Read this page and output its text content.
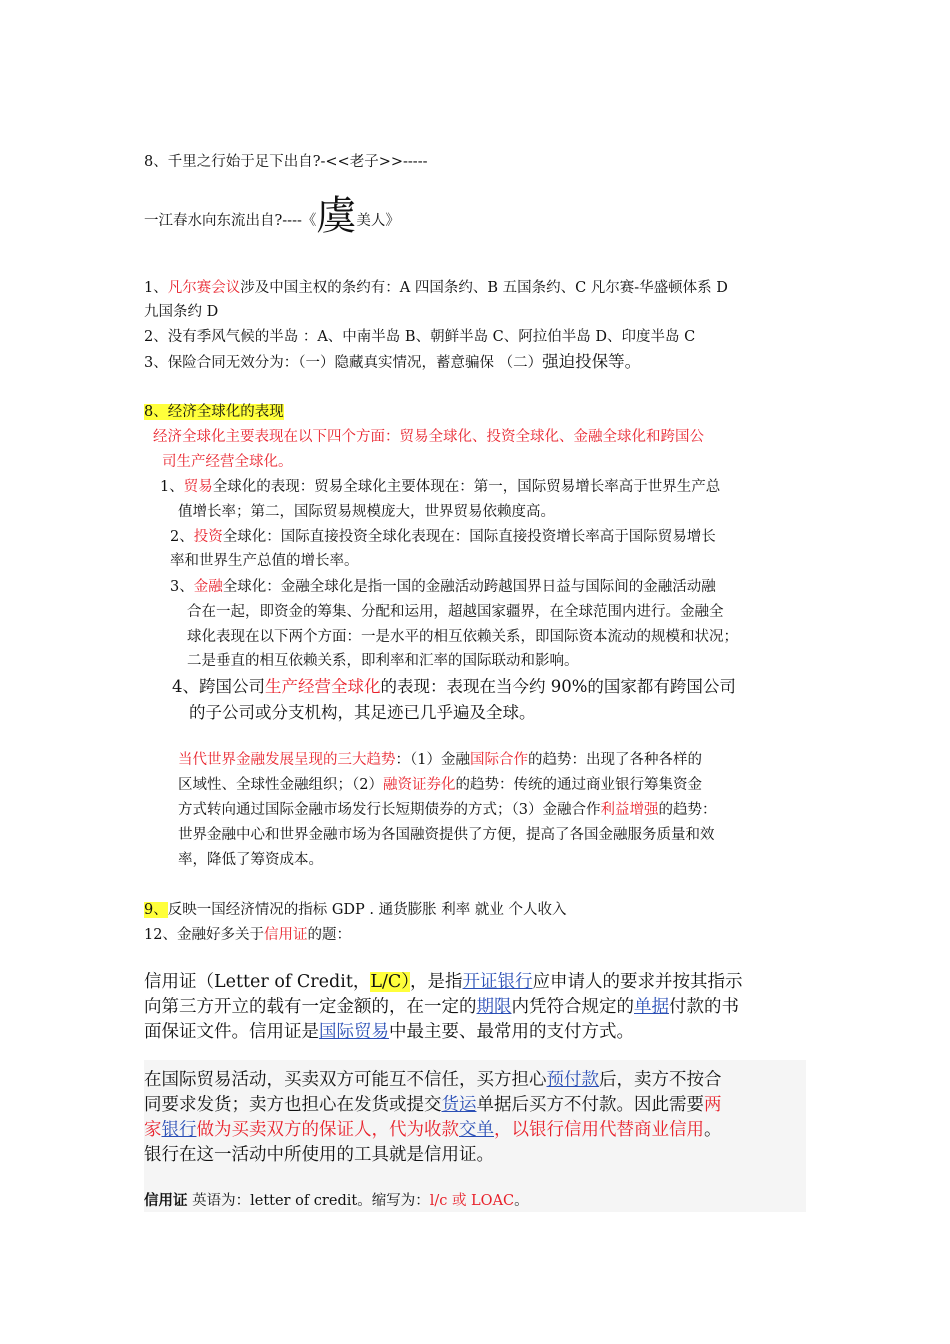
8、千里之行始于足下出自?-<<老子>>-----
一江春水向东流出自?----《虞美人》
1、凡尔赛会议涉及中国主权的条约有：A 四国条约、B 五国条约、C 凡尔赛-华盛顿体系 D
九国条约 D
2、没有季风气候的半岛 ：A、中南半岛 B、朝鲜半岛 C、阿拉伯半岛 D、印度半岛 C
3、保险合同无效分为：（一）隐藏真实情况，蓄意骗保 （二）强迫投保等。
8、经济全球化的表现
经济全球化主要表现在以下四个方面：贸易全球化、投资全球化、金融全球化和跨国公
司生产经营全球化。
1、贸易全球化的表现：贸易全球化主要体现在：第一，国际贸易增长率高于世界生产总
值增长率；第二，国际贸易规模庞大，世界贸易依赖度高。
2、投资全球化：国际直接投资全球化表现在：国际直接投资增长率高于国际贸易增长
率和世界生产总值的增长率。
3、金融全球化：金融全球化是指一国的金融活动跨越国界日益与国际间的金融活动融
合在一起，即资金的筹集、分配和运用，超越国家疆界，在全球范围内进行。金融全
球化表现在以下两个方面：一是水平的相互依赖关系，即国际资本流动的规模和状况；
二是垂直的相互依赖关系，即利率和汇率的国际联动和影响。
4、跨国公司生产经营全球化的表现：表现在当今约 90%的国家都有跨国公司
的子公司或分支机构，其足迹已几乎遍及全球。
当代世界金融发展呈现的三大趋势：（1）金融国际合作的趋势：出现了各种各样的
区域性、全球性金融组织；（2）融资证券化的趋势：传统的通过商业银行筹集资金
方式转向通过国际金融市场发行长短期债券的方式；（3）金融合作利益增强的趋势：
世界金融中心和世界金融市场为各国融资提供了方便，提高了各国金融服务质量和效
率，降低了筹资成本。
9、反映一国经济情况的指标 GDP . 通货膨胀 利率 就业 个人收入
12、金融好多关于信用证的题：
信用证（Letter of Credit，L/C），是指开证银行应申请人的要求并按其指示
向第三方开立的载有一定金额的，在一定的期限内凭符合规定的单据付款的书
面保证文件。信用证是国际贸易中最主要、最常用的支付方式。
在国际贸易活动，买卖双方可能互不信任，买方担心预付款后，卖方不按合
同要求发货；卖方也担心在发货或提交货运单据后买方不付款。因此需要两
家银行做为买卖双方的保证人，代为收款交单，以银行信用代替商业信用。
银行在这一活动中所使用的工具就是信用证。
信用证 英语为：letter of credit。缩写为：l/c 或 LOAC。
